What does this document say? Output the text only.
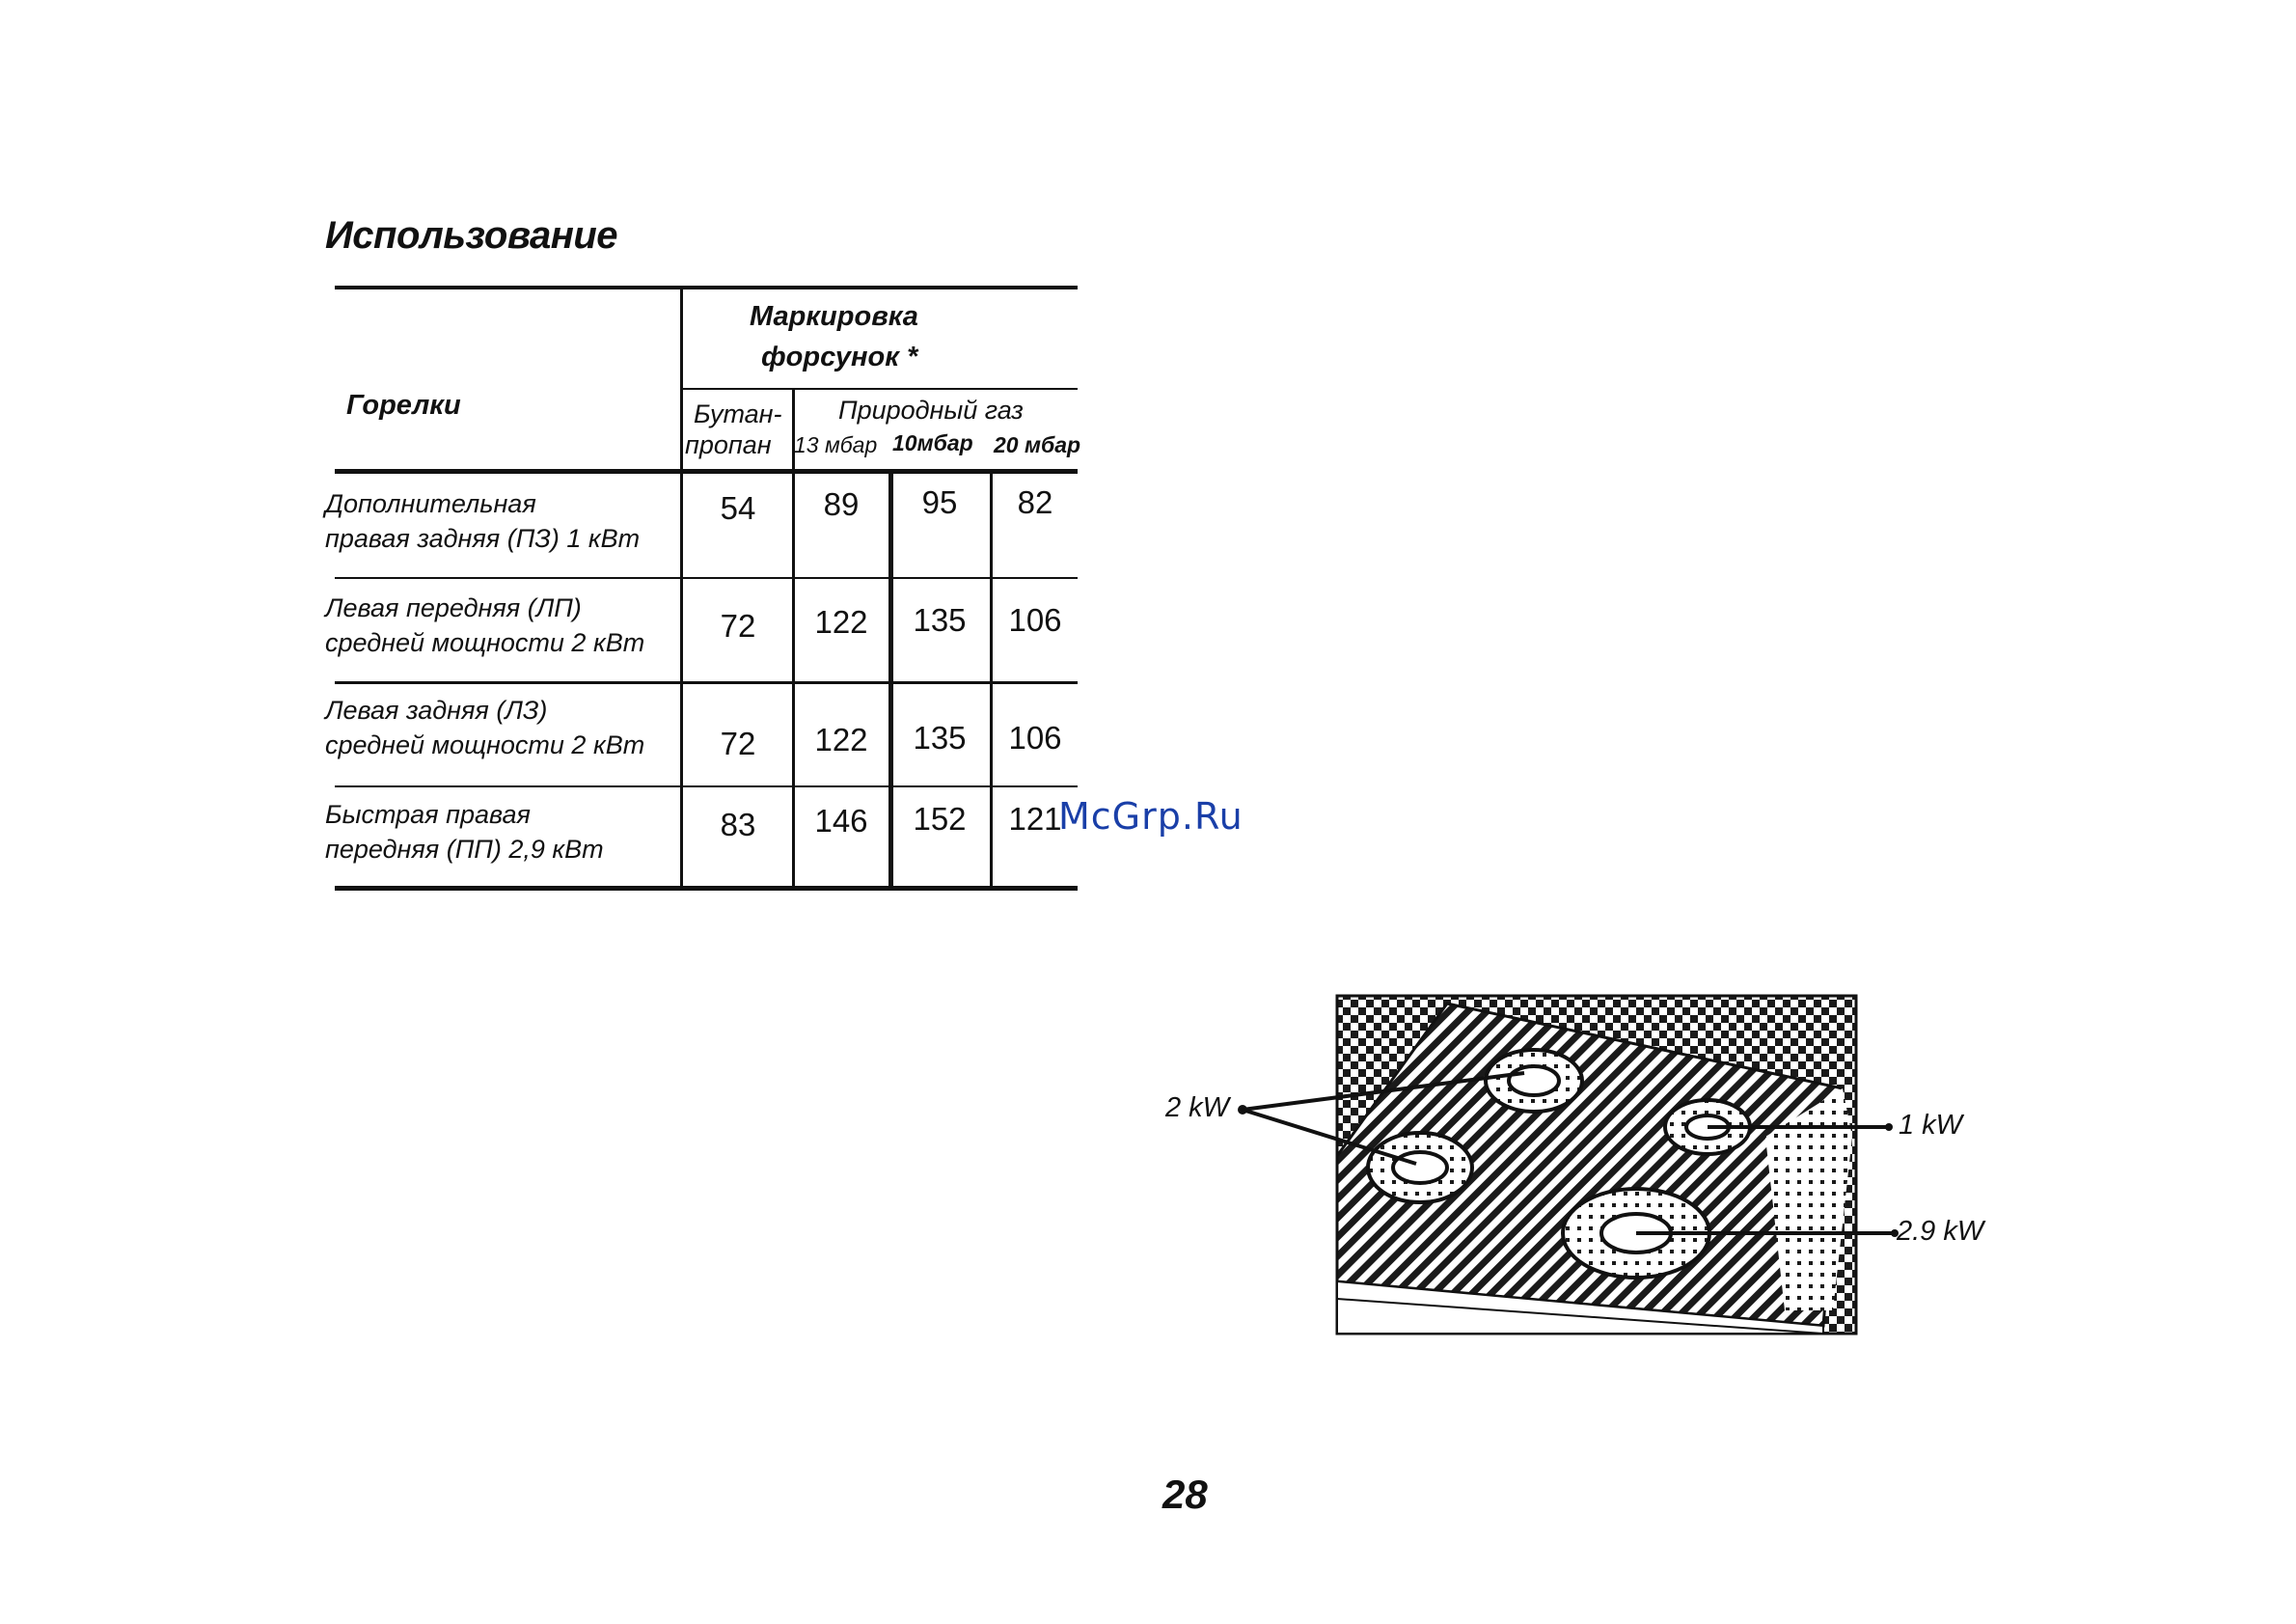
Использование
Горелки
Маркировка
форсунок *
Бутан-
пропан
Природный газ
13 мбар 10мбар 20 мбар
Дополнительная
правая задняя (ПЗ) 1 кВт
54	89	95	82
Левая передняя (ЛП)
средней мощности 2 кВт	72	122	135	106
Левая задняя (ЛЗ)
средней мощности 2 кВт	72	122	135	106
Быстрая правая
передняя (ПП) 2,9 кВт
83	146	152	121
McGrp.Ru
2 kW
1 kW
2.9 kW
28
